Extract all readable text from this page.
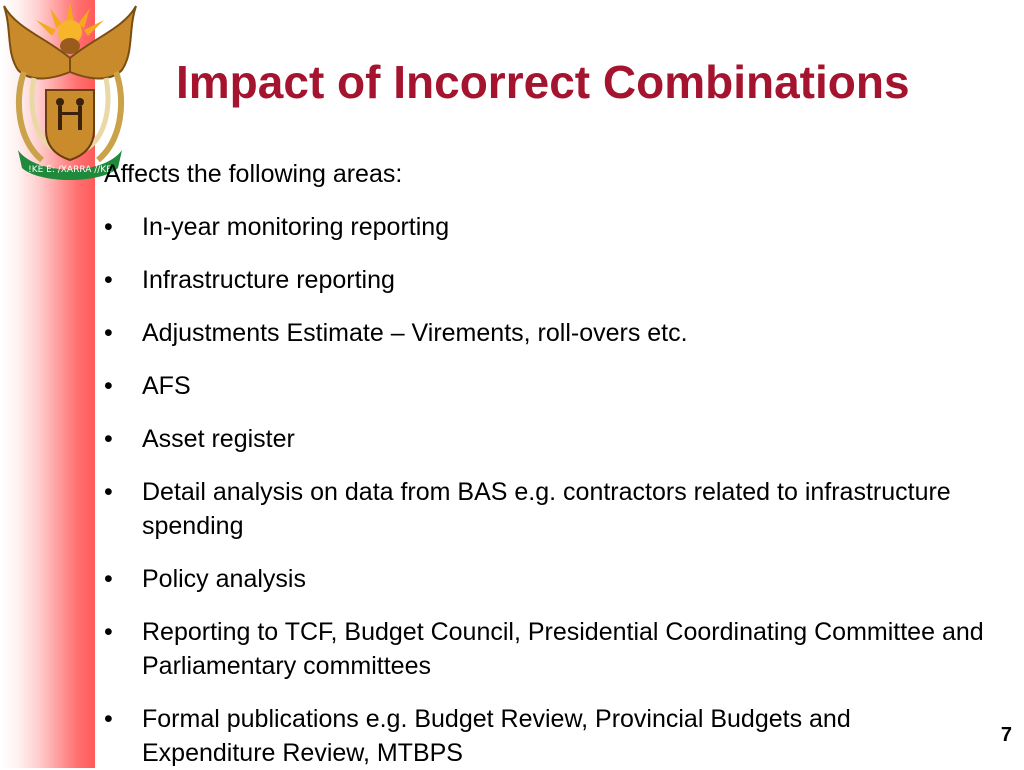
!KE E: /XARRA //KE
Impact of Incorrect Combinations

Affects the following areas:

•	In-year monitoring reporting
•	Infrastructure reporting
•	Adjustments Estimate – Virements, roll-overs etc.
•	AFS
•	Asset register
•	Detail analysis on data from BAS e.g. contractors related to infrastructure spending
•	Policy analysis
•	Reporting to TCF, Budget Council, Presidential Coordinating Committee and Parliamentary committees
•	Formal publications e.g. Budget Review, Provincial Budgets and Expenditure Review, MTBPS
7
